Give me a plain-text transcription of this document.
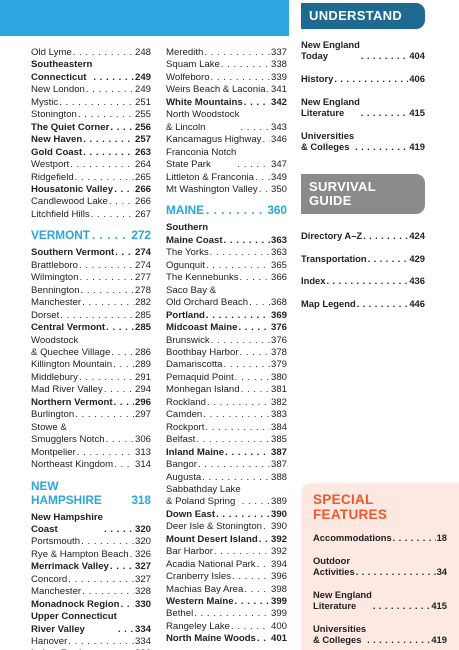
Old Lyme . . .	248
Southeastern
Connecticut . . .	249
New London . . .	249
Mystic . . .	251
Stonington . . .	255
The Quiet Corner . . .	256
New Haven . . .	257
Gold Coast . . .	263
Westport . . .	264
Ridgefield . . .	265
Housatonic Valley . . . 266
Candlewood Lake . . .	266
Litchfield Hills . . .	267
VERMONT . . .	272
Southern Vermont . . . 274
Brattleboro . . .	274
Wilmington . . .	277
Bennington . . .	278
Manchester . . .	282
Dorset . . .	285
Central Vermont . . .	285
Woodstock
& Quechee Village . . .	286
Killington Mountain . . . 289
Middlebury . . .	291
Mad River Valley . . .	294
Northern Vermont . . . 296
Burlington . . .	297
Stowe &
Smugglers Notch . . .	306
Montpelier . . .	313
Northeast Kingdom . . . 314
NEW HAMPSHIRE	318
New Hampshire
Coast . . .	320
Portsmouth . . .	320
Rye & Hampton Beach . . . 326
Merrimack Valley . . .	327
Concord . . .	327
Manchester . . .	328
Monadnock Region . . . 330
Upper Connecticut
River Valley . . .	334
Hanover . . .	334
. . .
Meredith . . .	337
Squam Lake . . .	338
Wolfeboro . . .	339
Weirs Beach & Laconia . . . 341
White Mountains . . .	342
North Woodstock
& Lincoln . . .	343
Kancamagus Highway . . . 346
Franconia Notch
State Park . . .	347
Littleton & Franconia . . . 349
Mt Washington Valley . . . 350
MAINE . . .	360
Southern
Maine Coast . . .	363
The Yorks . . .	363
Ogunquit . . .	365
The Kennebunks . . .	366
Saco Bay &
Old Orchard Beach . . . 368
Portland . . .	369
Midcoast Maine . . .	376
Brunswick . . .	376
Boothbay Harbor . . .	378
Damariscotta . . .	379
Pemaquid Point . . .	380
Monhegan Island . . .	381
Rockland . . .	382
Camden . . .	383
Rockport . . .	384
Belfast . . .	385
Inland Maine . . .	387
Bangor . . .	387
Augusta . . .	388
Sabbathday Lake
& Poland Spring . . .	389
Down East . . .	390
Deer Isle & Stonington . . . 390
Mount Desert Island . . . 392
Bar Harbor . . .	392
Acadia National Park . . . 394
Cranberry Isles . . .	396
Machias Bay Area . . .	398
Western Maine . . .	399
Bethel . . .	399
Rangeley Lake . . .	400
North Maine Woods . . . 401
UNDERSTAND
New England
Today . . .	404
History . . .	406
New England
Literature . . .	415
Universities
& Colleges . . .	419
SURVIVAL
GUIDE
Directory A–Z . . .	424
Transportation . . .	429
Index . . .	436
Map Legend . . .	446
SPECIAL
FEATURES
Accommodations . . .	18
Outdoor
Activities . . .	34
New England
Literature . . .	415
Universities
& Colleges . . .	419
